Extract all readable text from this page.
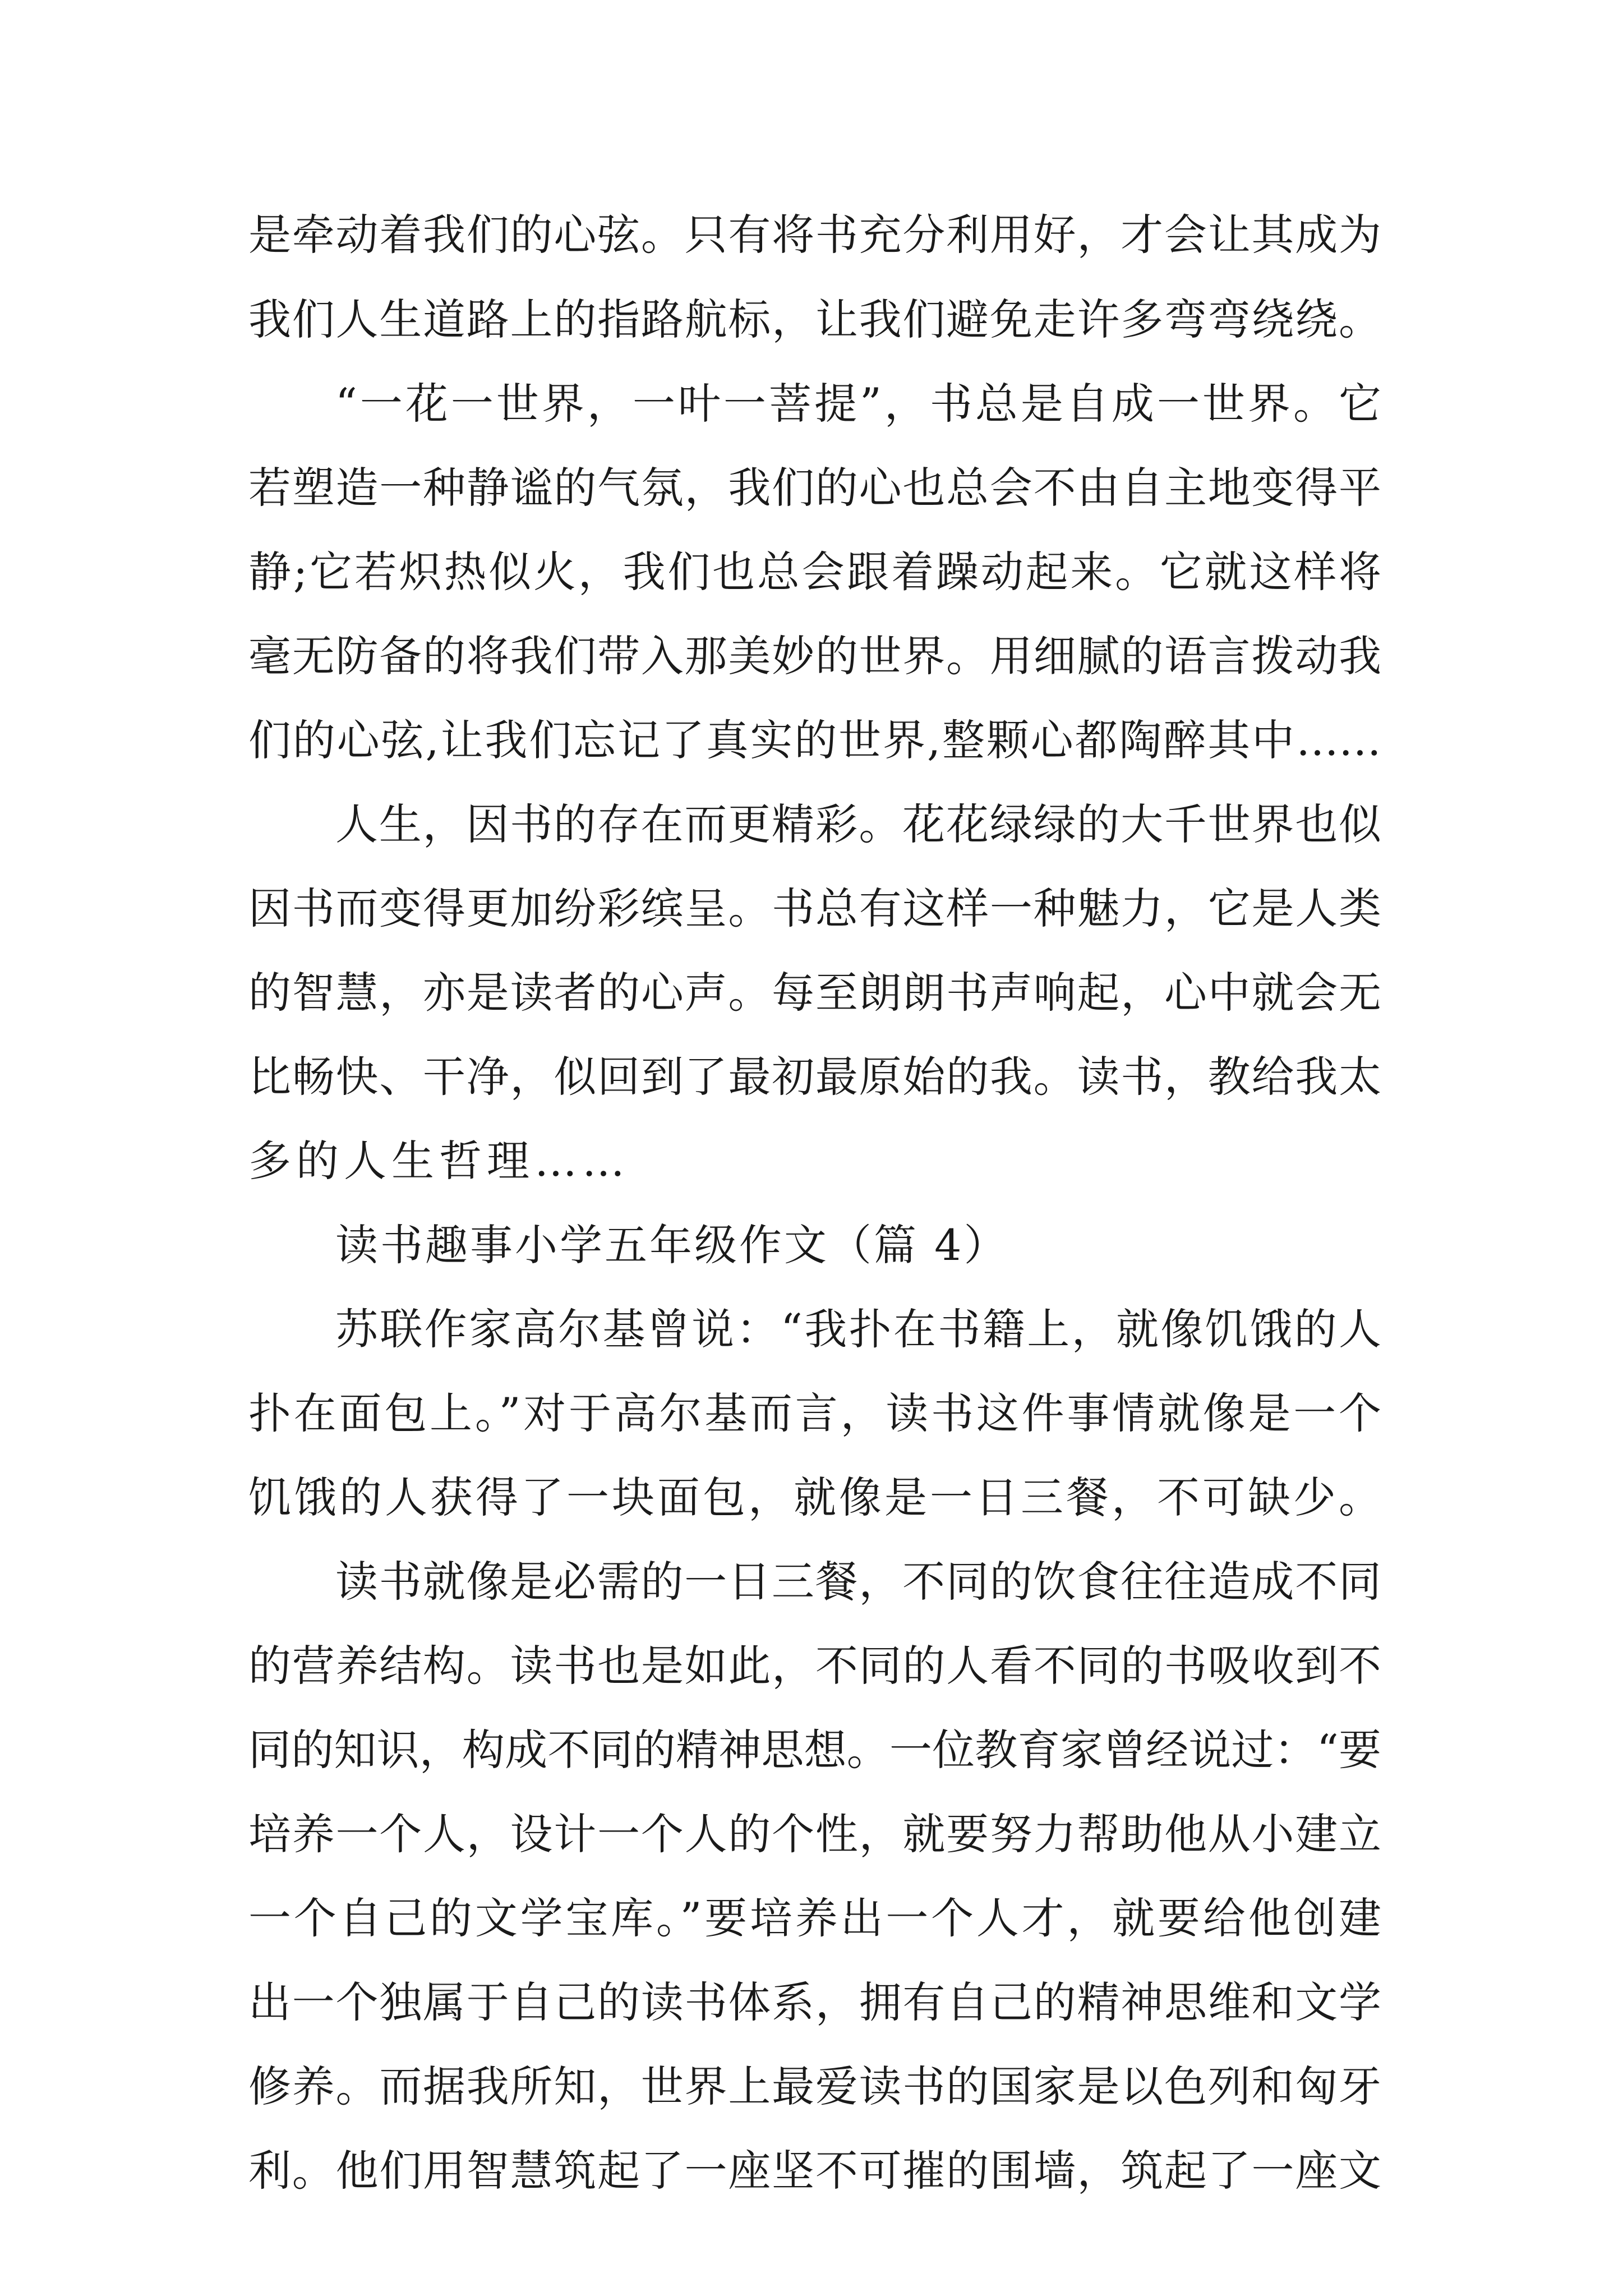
是牵动着我们的心弦。只有将书充分利用好，才会让其成为
我们人生道路上的指路航标，让我们避免走许多弯弯绕绕。
“一花一世界，一叶一菩提”，书总是自成一世界。它
若塑造一种静谧的气氛，我们的心也总会不由自主地变得平
静;它若炽热似火，我们也总会跟着躁动起来。它就这样将
毫无防备的将我们带入那美妙的世界。用细腻的语言拨动我
们的心弦,让我们忘记了真实的世界,整颗心都陶醉其中……
人生，因书的存在而更精彩。花花绿绿的大千世界也似
因书而变得更加纷彩缤呈。书总有这样一种魅力，它是人类
的智慧，亦是读者的心声。每至朗朗书声响起，心中就会无
比畅快、干净，似回到了最初最原始的我。读书，教给我太
多的人生哲理……
读书趣事小学五年级作文（篇 4）
苏联作家高尔基曾说：“我扑在书籍上，就像饥饿的人
扑在面包上。”对于高尔基而言，读书这件事情就像是一个
饥饿的人获得了一块面包，就像是一日三餐，不可缺少。
读书就像是必需的一日三餐，不同的饮食往往造成不同
的营养结构。读书也是如此，不同的人看不同的书吸收到不
同的知识，构成不同的精神思想。一位教育家曾经说过：“要
培养一个人，设计一个人的个性，就要努力帮助他从小建立
一个自己的文学宝库。”要培养出一个人才，就要给他创建
出一个独属于自己的读书体系，拥有自己的精神思维和文学
修养。而据我所知，世界上最爱读书的国家是以色列和匈牙
利。他们用智慧筑起了一座坚不可摧的围墙，筑起了一座文
